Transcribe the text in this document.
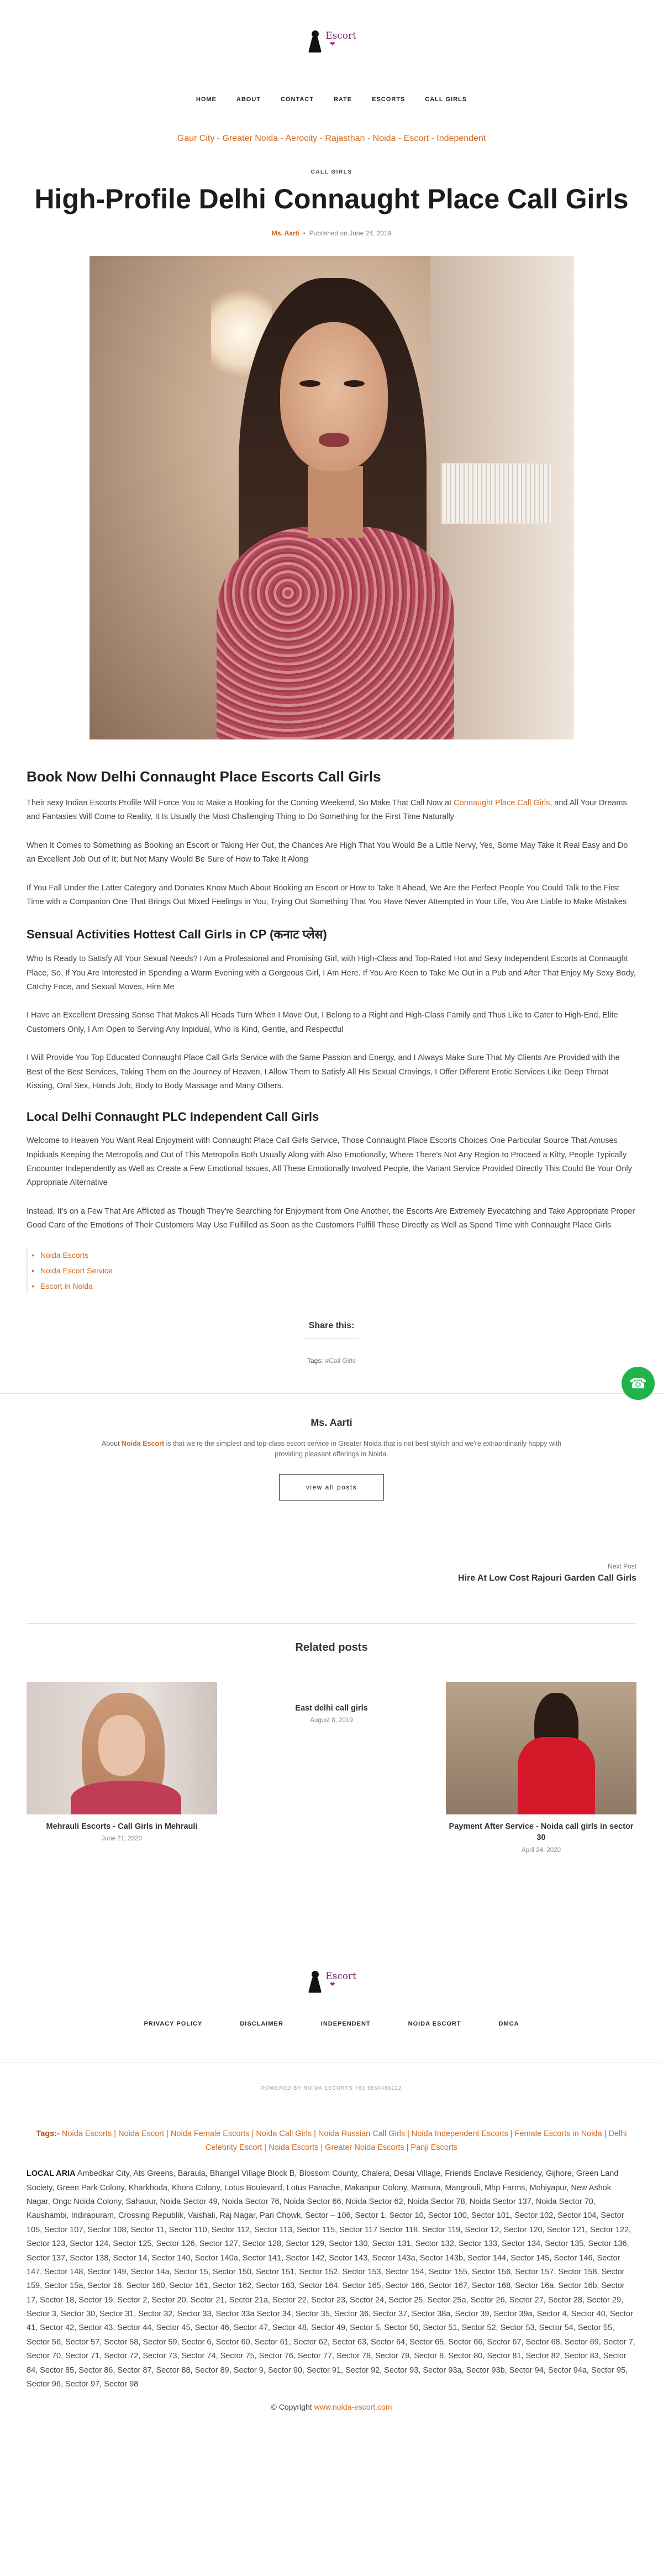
Escort
❤
HOME	ABOUT	CONTACT	RATE	ESCORTS	CALL GIRLS
Gaur City - Greater Noida - Aerocity - Rajasthan - Noida - Escort - Independent
CALL GIRLS
High-Profile Delhi Connaught Place Call Girls
Ms. Aarti • Published on June 24, 2019
Book Now Delhi Connaught Place Escorts Call Girls

Their sexy Indian Escorts Profile Will Force You to Make a Booking for the Coming Weekend, So Make That Call Now at Connaught Place Call Girls, and All Your Dreams and Fantasies Will Come to Reality, It Is Usually the Most Challenging Thing to Do Something for the First Time Naturally

When It Comes to Something as Booking an Escort or Taking Her Out, the Chances Are High That You Would Be a Little Nervy, Yes, Some May Take It Real Easy and Do an Excellent Job Out of It; but Not Many Would Be Sure of How to Take It Along

If You Fall Under the Latter Category and Donates Know Much About Booking an Escort or How to Take It Ahead, We Are the Perfect People You Could Talk to the First Time with a Companion One That Brings Out Mixed Feelings in You, Trying Out Something That You Have Never Attempted in Your Life, You Are Liable to Make Mistakes

Sensual Activities Hottest Call Girls in CP (कनाट प्लेस)

Who Is Ready to Satisfy All Your Sexual Needs? I Am a Professional and Promising Girl, with High-Class and Top-Rated Hot and Sexy Independent Escorts at Connaught Place, So, If You Are Interested in Spending a Warm Evening with a Gorgeous Girl, I Am Here. If You Are Keen to Take Me Out in a Pub and After That Enjoy My Sexy Body, Catchy Face, and Sexual Moves, Hire Me

I Have an Excellent Dressing Sense That Makes All Heads Turn When I Move Out, I Belong to a Right and High-Class Family and Thus Like to Cater to High-End, Elite Customers Only, I Am Open to Serving Any Inpidual, Who Is Kind, Gentle, and Respectful

I Will Provide You Top Educated Connaught Place Call Girls Service with the Same Passion and Energy, and I Always Make Sure That My Clients Are Provided with the Best of the Best Services, Taking Them on the Journey of Heaven, I Allow Them to Satisfy All His Sexual Cravings, I Offer Different Erotic Services Like Deep Throat Kissing, Oral Sex, Hands Job, Body to Body Massage and Many Others.

Local Delhi Connaught PLC Independent Call Girls

Welcome to Heaven You Want Real Enjoyment with Connaught Place Call Girls Service, Those Connaught Place Escorts Choices One Particular Source That Amuses Inpiduals Keeping the Metropolis and Out of This Metropolis Both Usually Along with Also Emotionally, Where There's Not Any Region to Proceed a Kitty, People Typically Encounter Independently as Well as Create a Few Emotional Issues, All These Emotionally Involved People, the Variant Service Provided Directly This Could Be Your Only Appropriate Alternative

Instead, It's on a Few That Are Afflicted as Though They're Searching for Enjoyment from One Another, the Escorts Are Extremely Eyecatching and Take Appropriate Proper Good Care of the Emotions of Their Customers May Use Fulfilled as Soon as the Customers Fulfill These Directly as Well as Spend Time with Connaught Place Girls

• Noida Escorts
• Noida Escort Service
• Escort in Noida
☎
Share this:
Tags: #Call Girls
Ms. Aarti
About Noida Escort is that we're the simplest and top-class escort service in Greater Noida that is not best stylish and we're extraordinarily happy with providing pleasant offerings in Noida.
view all posts
Next Post
Hire At Low Cost Rajouri Garden Call Girls
Related posts
Mehrauli Escorts - Call Girls in Mehrauli
June 21, 2020
East delhi call girls
August 8, 2019
Payment After Service - Noida call girls in sector 30
April 24, 2020
Escort
❤
PRIVACY POLICY	DISCLAIMER	INDEPENDENT	NOIDA ESCORT	DMCA
POWERED BY NOIDA ESCORTS +91 9650466122
Tags:- Noida Escorts | Noida Escort | Noida Female Escorts | Noida Call Girls | Noida Russian Call Girls | Noida Independent Escorts | Female Escorts in Noida | Delhi Celebrity Escort | Noida Escorts | Greater Noida Escorts | Panji Escorts
LOCAL ARIA Ambedkar City, Ats Greens, Baraula, Bhangel Village Block B, Blossom County, Chalera, Desai Village, Friends Enclave Residency, Gijhore, Green Land Society, Green Park Colony, Kharkhoda, Khora Colony, Lotus Boulevard, Lotus Panache, Makanpur Colony, Mamura, Mangrouli, Mhp Farms, Mohiyapur, New Ashok Nagar, Ongc Noida Colony, Sahaour, Noida Sector 49, Noida Sector 76, Noida Sector 66, Noida Sector 62, Noida Sector 78, Noida Sector 137, Noida Sector 70, Kaushambi, Indirapuram, Crossing Republik, Vaishali, Raj Nagar, Pari Chowk, Sector – 106, Sector 1, Sector 10, Sector 100, Sector 101, Sector 102, Sector 104, Sector 105, Sector 107, Sector 108, Sector 11, Sector 110, Sector 112, Sector 113, Sector 115, Sector 117 Sector 118, Sector 119, Sector 12, Sector 120, Sector 121, Sector 122, Sector 123, Sector 124, Sector 125, Sector 126, Sector 127, Sector 128, Sector 129, Sector 130, Sector 131, Sector 132, Sector 133, Sector 134, Sector 135, Sector 136, Sector 137, Sector 138, Sector 14, Sector 140, Sector 140a, Sector 141, Sector 142, Sector 143, Sector 143a, Sector 143b, Sector 144, Sector 145, Sector 146, Sector 147, Sector 148, Sector 149, Sector 14a, Sector 15, Sector 150, Sector 151, Sector 152, Sector 153, Sector 154, Sector 155, Sector 156, Sector 157, Sector 158, Sector 159, Sector 15a, Sector 16, Sector 160, Sector 161, Sector 162, Sector 163, Sector 164, Sector 165, Sector 166, Sector 167, Sector 168, Sector 16a, Sector 16b, Sector 17, Sector 18, Sector 19, Sector 2, Sector 20, Sector 21, Sector 21a, Sector 22, Sector 23, Sector 24, Sector 25, Sector 25a, Sector 26, Sector 27, Sector 28, Sector 29, Sector 3, Sector 30, Sector 31, Sector 32, Sector 33, Sector 33a Sector 34, Sector 35, Sector 36, Sector 37, Sector 38a, Sector 39, Sector 39a, Sector 4, Sector 40, Sector 41, Sector 42, Sector 43, Sector 44, Sector 45, Sector 46, Sector 47, Sector 48, Sector 49, Sector 5, Sector 50, Sector 51, Sector 52, Sector 53, Sector 54, Sector 55, Sector 56, Sector 57, Sector 58, Sector 59, Sector 6, Sector 60, Sector 61, Sector 62, Sector 63, Sector 64, Sector 65, Sector 66, Sector 67, Sector 68, Sector 69, Sector 7, Sector 70, Sector 71, Sector 72, Sector 73, Sector 74, Sector 75, Sector 76, Sector 77, Sector 78, Sector 79, Sector 8, Sector 80, Sector 81, Sector 82, Sector 83, Sector 84, Sector 85, Sector 86, Sector 87, Sector 88, Sector 89, Sector 9, Sector 90, Sector 91, Sector 92, Sector 93, Sector 93a, Sector 93b, Sector 94, Sector 94a, Sector 95, Sector 96, Sector 97, Sector 98
© Copyright www.noida-escort.com
